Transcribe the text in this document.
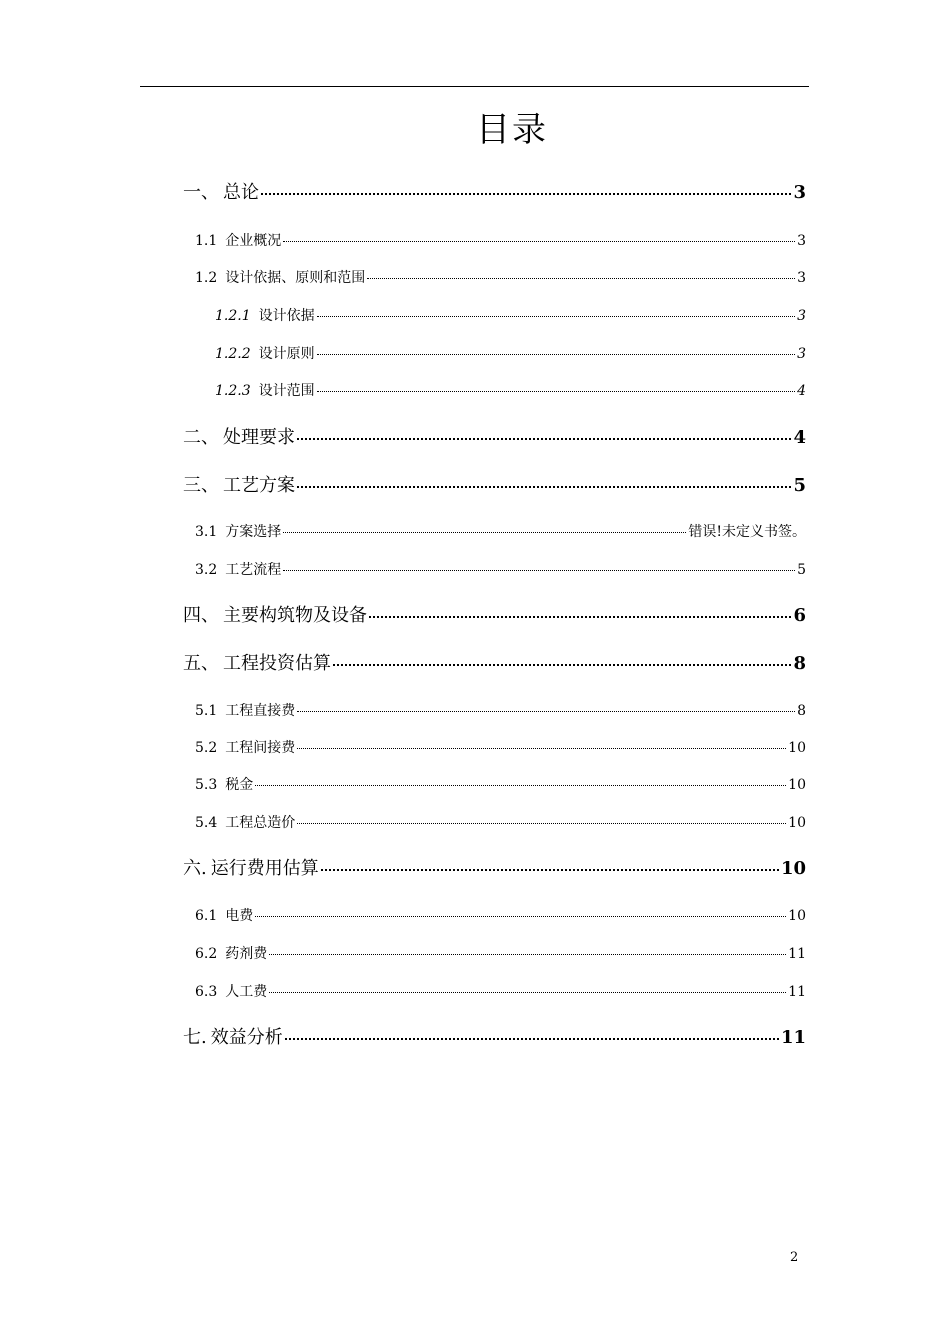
目录
一、 总论	3
1.1 企业概况	3
1.2 设计依据、原则和范围	3
1.2.1 设计依据	3
1.2.2 设计原则	3
1.2.3 设计范围	4
二、 处理要求	4
三、 工艺方案	5
3.1 方案选择	错误!未定义书签。
3.2 工艺流程	5
四、 主要构筑物及设备	6
五、 工程投资估算	8
5.1 工程直接费	8
5.2 工程间接费	10
5.3 税金	10
5.4 工程总造价	10
六. 运行费用估算	10
6.1 电费	10
6.2 药剂费	11
6.3 人工费	11
七. 效益分析	11
2
